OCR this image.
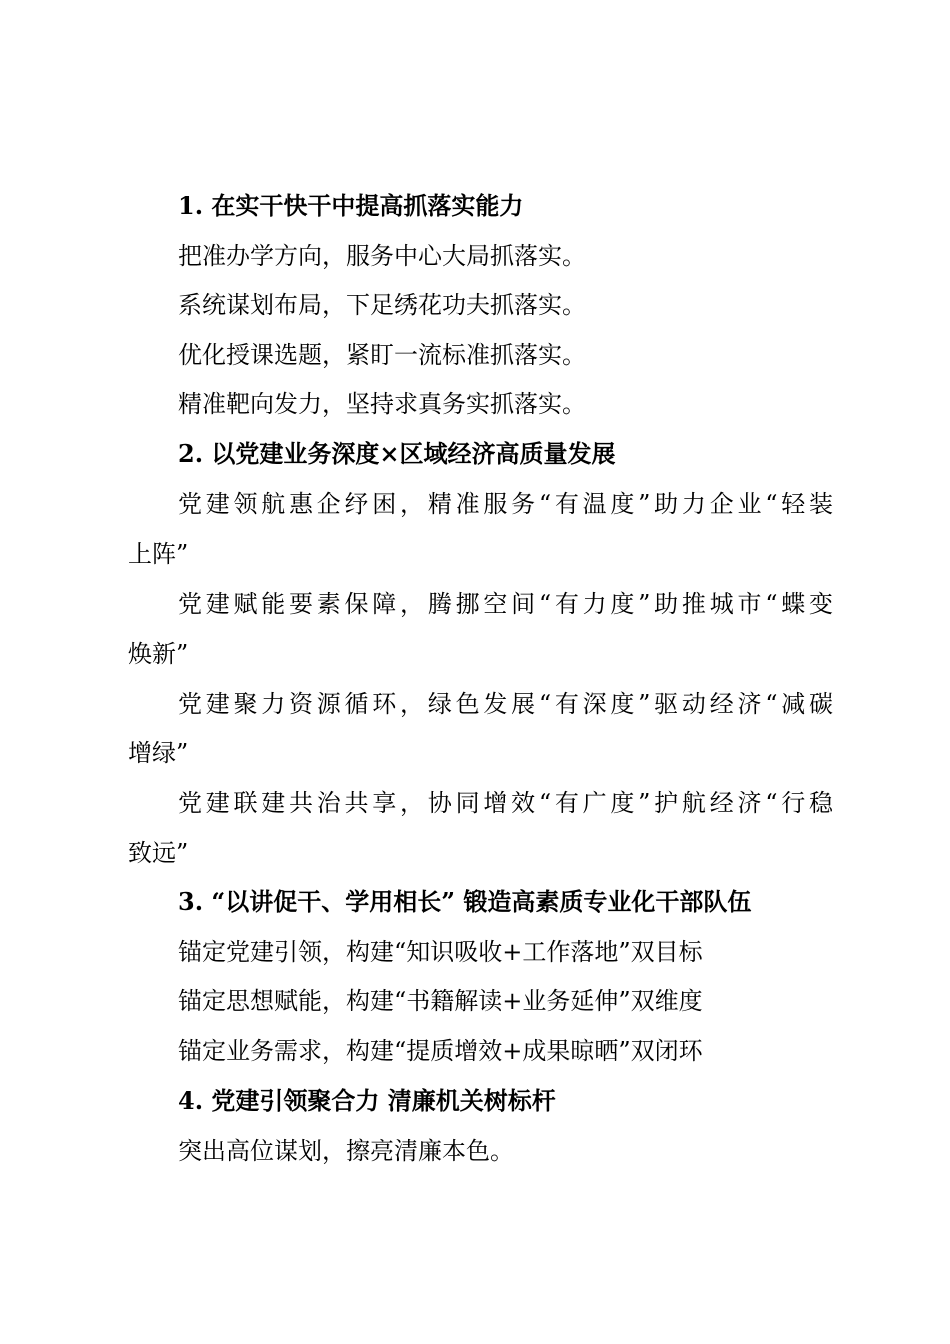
1. 在实干快干中提高抓落实能力
把准办学方向，服务中心大局抓落实。
系统谋划布局，下足绣花功夫抓落实。
优化授课选题，紧盯一流标准抓落实。
精准靶向发力，坚持求真务实抓落实。
2. 以党建业务深度×区域经济高质量发展
党建领航惠企纾困，精准服务“有温度”助力企业“轻装
上阵”
党建赋能要素保障，腾挪空间“有力度”助推城市“蝶变
焕新”
党建聚力资源循环，绿色发展“有深度”驱动经济“减碳
增绿”
党建联建共治共享，协同增效“有广度”护航经济“行稳
致远”
3. “以讲促干、学用相长” 锻造高素质专业化干部队伍
锚定党建引领，构建“知识吸收+工作落地”双目标
锚定思想赋能，构建“书籍解读+业务延伸”双维度
锚定业务需求，构建“提质增效+成果晾晒”双闭环
4. 党建引领聚合力 清廉机关树标杆
突出高位谋划，擦亮清廉本色。
